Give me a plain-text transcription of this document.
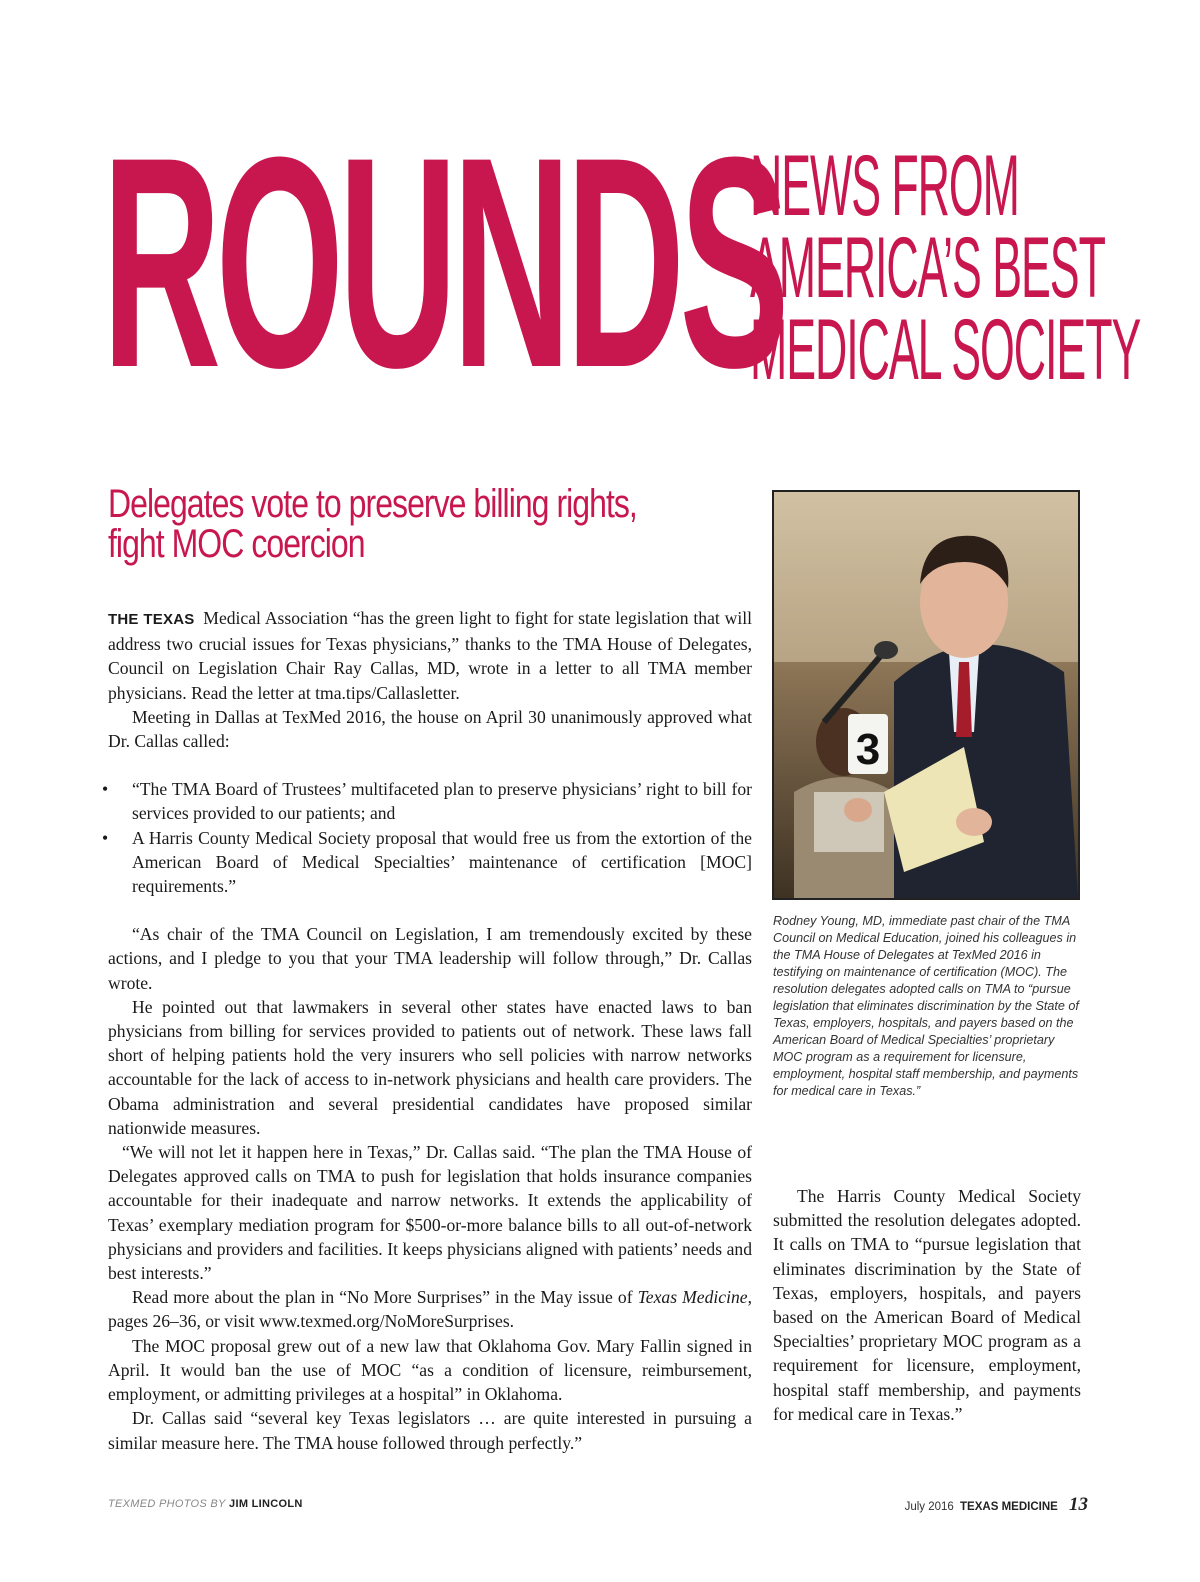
ROUNDS
NEWS FROM
AMERICA’S BEST
MEDICAL SOCIETY
Delegates vote to preserve billing rights,
fight MOC coercion

THE TEXAS Medical Association “has the green light to fight for state legislation that will address two crucial issues for Texas physicians,” thanks to the TMA House of Delegates, Council on Legislation Chair Ray Callas, MD, wrote in a letter to all TMA member physicians. Read the letter at tma.tips/Callasletter.

Meeting in Dallas at TexMed 2016, the house on April 30 unanimously approved what Dr. Callas called:

• “The TMA Board of Trustees’ multifaceted plan to preserve physicians’ right to bill for services provided to our patients; and
• A Harris County Medical Society proposal that would free us from the extortion of the American Board of Medical Specialties’ maintenance of certification [MOC] requirements.”

“As chair of the TMA Council on Legislation, I am tremendously excited by these actions, and I pledge to you that your TMA leadership will follow through,” Dr. Callas wrote.

He pointed out that lawmakers in several other states have enacted laws to ban physicians from billing for services provided to patients out of network. These laws fall short of helping patients hold the very insurers who sell policies with narrow networks accountable for the lack of access to in-network physicians and health care providers. The Obama administration and several presidential candidates have proposed similar nationwide measures.

“We will not let it happen here in Texas,” Dr. Callas said. “The plan the TMA House of Delegates approved calls on TMA to push for legislation that holds insurance companies accountable for their inadequate and narrow networks. It extends the applicability of Texas’ exemplary mediation program for $500-or-more balance bills to all out-of-network physicians and providers and facilities. It keeps physicians aligned with patients’ needs and best interests.”

Read more about the plan in “No More Surprises” in the May issue of Texas Medicine, pages 26–36, or visit www.texmed.org/NoMoreSurprises.

The MOC proposal grew out of a new law that Oklahoma Gov. Mary Fallin signed in April. It would ban the use of MOC “as a condition of licensure, reimbursement, employment, or admitting privileges at a hospital” in Oklahoma.

Dr. Callas said “several key Texas legislators … are quite interested in pursuing a similar measure here. The TMA house followed through perfectly.”

3
Rodney Young, MD, immediate past chair of the TMA Council on Medical Education, joined his colleagues in the TMA House of Delegates at TexMed 2016 in testifying on maintenance of certification (MOC). The resolution delegates adopted calls on TMA to “pursue legislation that eliminates discrimination by the State of Texas, employers, hospitals, and payers based on the American Board of Medical Specialties’ proprietary MOC program as a requirement for licensure, employment, hospital staff membership, and payments for medical care in Texas.”

The Harris County Medical Society submitted the resolution delegates adopted. It calls on TMA to “pursue legislation that eliminates discrimination by the State of Texas, employers, hospitals, and payers based on the American Board of Medical Specialties’ proprietary MOC program as a requirement for licensure, employment, hospital staff membership, and payments for medical care in Texas.”

TEXMED PHOTOS BY JIM LINCOLN	July 2016 TEXAS MEDICINE 13
